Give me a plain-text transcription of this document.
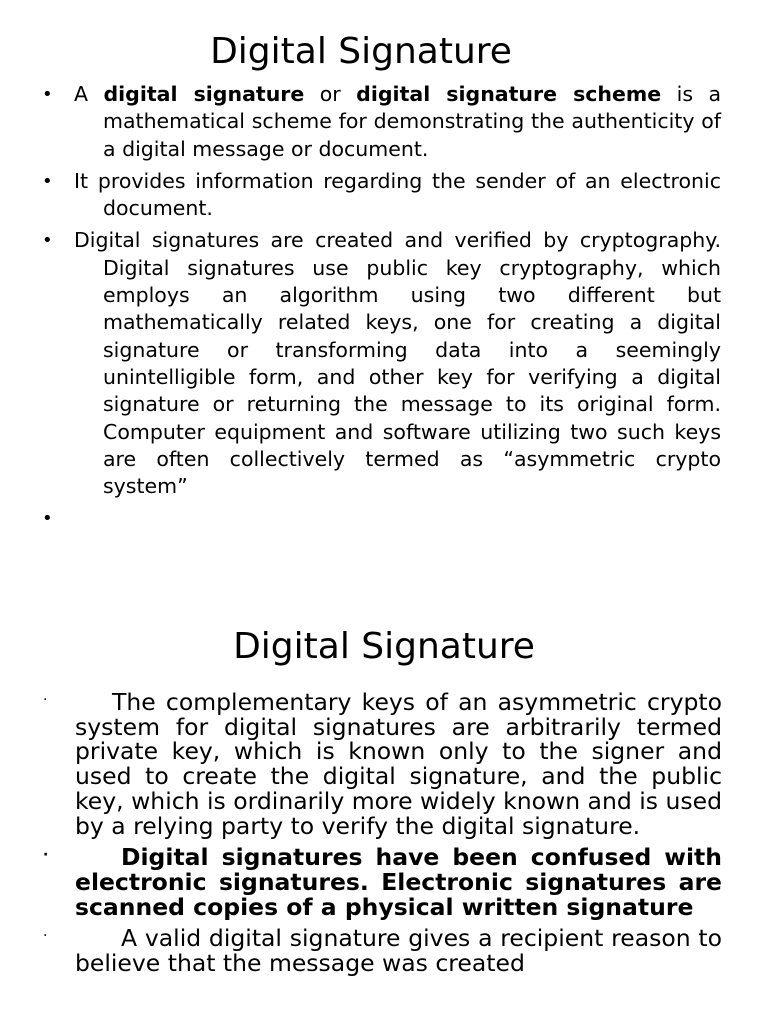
Digital Signature
• A digital signature or digital signature scheme is a mathematical scheme for demonstrating the authenticity of a digital message or document.
• It provides information regarding the sender of an electronic document.
• Digital signatures are created and verified by cryptography. Digital signatures use public key cryptography, which employs an algorithm using two different but mathematically related keys, one for creating a digital signature or transforming data into a seemingly unintelligible form, and other key for verifying a digital signature or returning the message to its original form. Computer equipment and software utilizing two such keys are often collectively termed as “asymmetric crypto system”
•
Digital Signature
·	The complementary keys of an asymmetric crypto system for digital signatures are arbitrarily termed private key, which is known only to the signer and used to create the digital signature, and the public key, which is ordinarily more widely known and is used by a relying party to verify the digital signature.
·	Digital signatures have been confused with electronic signatures. Electronic signatures are scanned copies of a physical written signature
·	A valid digital signature gives a recipient reason to believe that the message was created
